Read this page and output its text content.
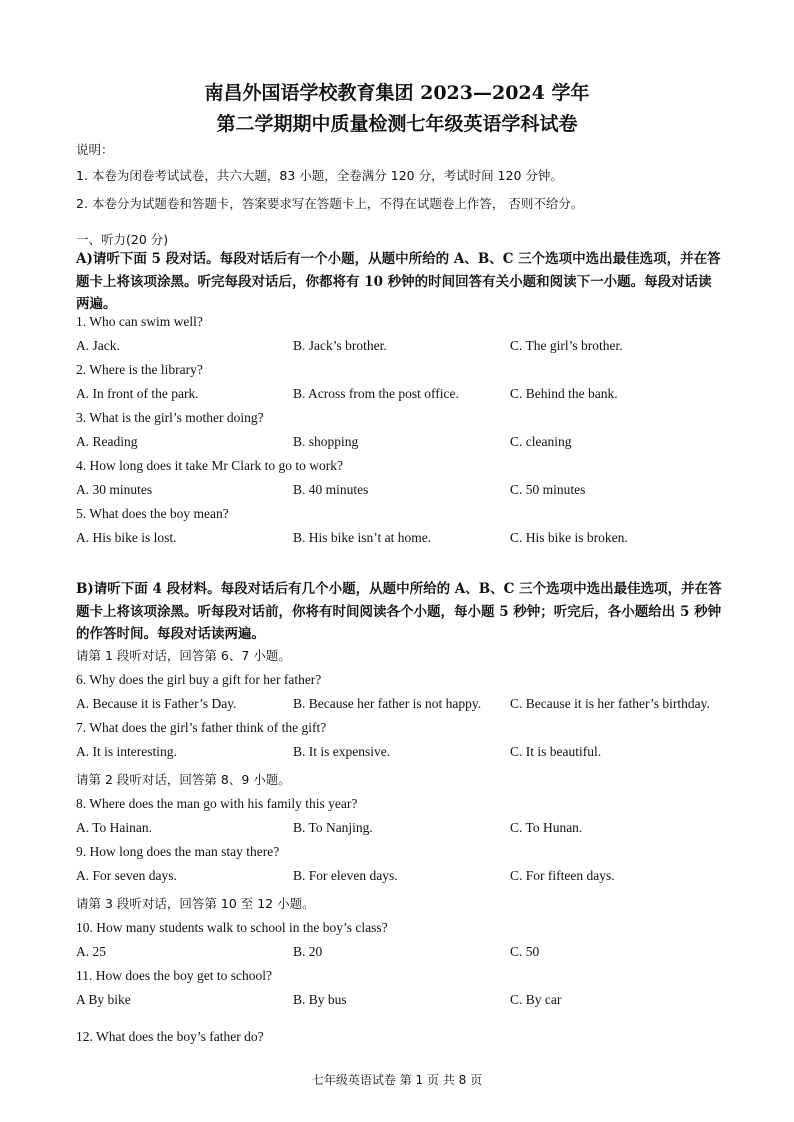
南昌外国语学校教育集团 2023—2024 学年
第二学期期中质量检测七年级英语学科试卷
说明：
1. 本卷为闭卷考试试卷，共六大题，83 小题，全卷满分 120 分，考试时间 120 分钟。
2. 本卷分为试题卷和答题卡，答案要求写在答题卡上，不得在试题卷上作答， 否则不给分。
一、听力(20 分)
A)请听下面 5 段对话。每段对话后有一个小题，从题中所给的 A、B、C 三个选项中选出最佳选项，并在答题卡上将该项涂黑。听完每段对话后，你都将有 10 秒钟的时间回答有关小题和阅读下一小题。每段对话读两遍。
1. Who can swim well?
A. Jack.	B. Jack’s brother.	C. The girl’s brother.
2. Where is the library?
A. In front of the park.	B. Across from the post office.	C. Behind the bank.
3. What is the girl’s mother doing?
A. Reading	B. shopping	C. cleaning
4. How long does it take Mr Clark to go to work?
A. 30 minutes	B. 40 minutes	C. 50 minutes
5. What does the boy mean?
A. His bike is lost.	B. His bike isn’t at home.	C. His bike is broken.
B)请听下面 4 段材料。每段对话后有几个小题，从题中所给的 A、B、C 三个选项中选出最佳选项，并在答题卡上将该项涂黑。听每段对话前，你将有时间阅读各个小题，每小题 5 秒钟；听完后，各小题给出 5 秒钟的作答时间。每段对话读两遍。
请第 1 段听对话，回答第 6、7 小题。
6. Why does the girl buy a gift for her father?
A. Because it is Father’s Day.	B. Because her father is not happy. C. Because it is her father’s birthday.
7. What does the girl’s father think of the gift?
A. It is interesting.	B. It is expensive.	C. It is beautiful.
请第 2 段听对话，回答第 8、9 小题。
8. Where does the man go with his family this year?
A. To Hainan.	B. To Nanjing.	C. To Hunan.
9. How long does the man stay there?
A. For seven days.	B. For eleven days.	C. For fifteen days.
请第 3 段听对话，回答第 10 至 12 小题。
10. How many students walk to school in the boy’s class?
A. 25	B. 20	C. 50
11. How does the boy get to school?
A By bike	B. By bus	C. By car
12. What does the boy’s father do?
七年级英语试卷 第 1 页 共 8 页
